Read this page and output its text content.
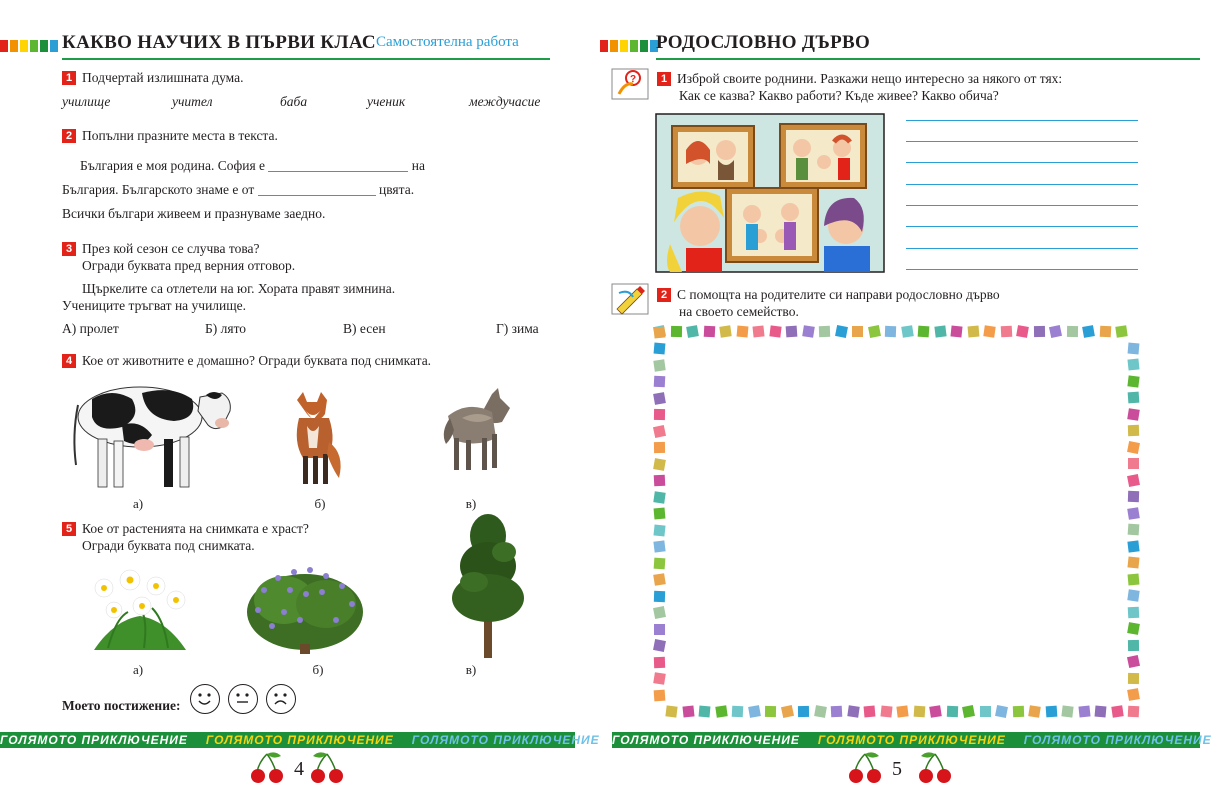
КАКВО НАУЧИХ В ПЪРВИ КЛАС Самостоятелна работа
1 Подчертай излишната дума.
училище	учител	баба	ученик	междучасие
2 Попълни празните места в текста.
България е моя родина. София е	на
България. Българското знаме е от	цвята.
Всички българи живеем и празнуваме заедно.
3 През кой сезон се случва това?
Огради буквата пред верния отговор.
Щъркелите са отлетели на юг. Хората правят зимнина.
Учениците тръгват на училище.
А) пролет	Б) лято	В) есен	Г) зима
4 Кое от животните е домашно? Огради буквата под снимката.
а)	б)	в)
5 Кое от растенията на снимката е храст?
Огради буквата под снимката.
а)	б)	в)
Моето постижение:
ГОЛЯМОТО ПРИКЛЮЧЕНИЕ ГОЛЯМОТО ПРИКЛЮЧЕНИЕ ГОЛЯМОТО ПРИКЛЮЧЕНИЕ
4
РОДОСЛОВНО ДЪРВО
?	1 Изброй своите роднини. Разкажи нещо интересно за някого от тях:
Как се казва? Какво работи? Къде живее? Какво обича?
2 С помощта на родителите си направи родословно дърво
на своето семейство.
ГОЛЯМОТО ПРИКЛЮЧЕНИЕ ГОЛЯМОТО ПРИКЛЮЧЕНИЕ ГОЛЯМОТО ПРИКЛЮЧЕНИЕ
5
